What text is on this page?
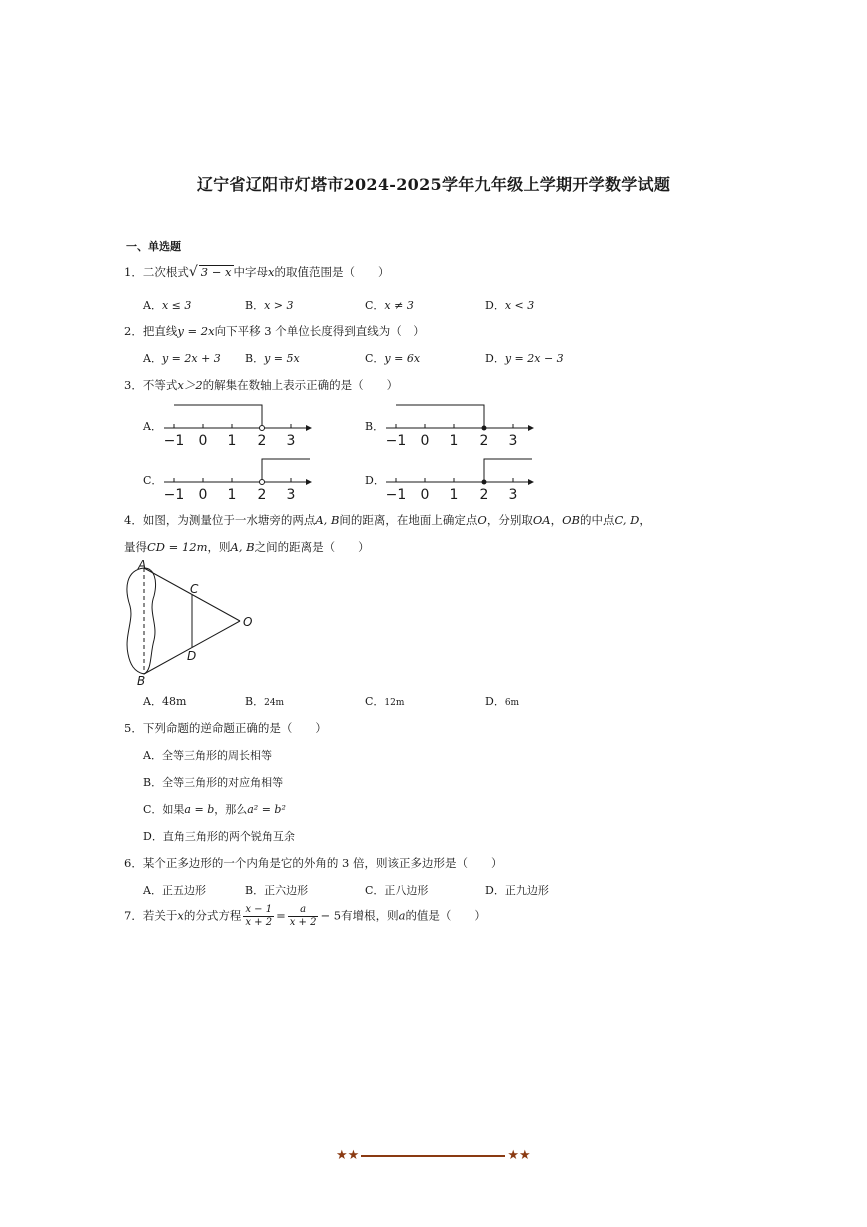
辽宁省辽阳市灯塔市2024-2025学年九年级上学期开学数学试题
一、单选题
1．二次根式√ 3 − x 中字母x的取值范围是（　　）
A．x ≤ 3	B．x > 3	C．x ≠ 3	D．x < 3
2．把直线y = 2x向下平移 3 个单位长度得到直线为（　）
A．y = 2x + 3 B．y = 5x	C．y = 6x	D．y = 2x − 3
3．不等式x＞2的解集在数轴上表示正确的是（　　）
A．
−1 0 1 2 3
B．
−1 0 1 2 3
C．
−1 0 1 2 3
D．
−1 0 1 2 3
4．如图，为测量位于一水塘旁的两点A, B间的距离，在地面上确定点O，分别取OA，OB的中点C, D，
量得CD = 12m，则A, B之间的距离是（　　）
A
B
C
D
O
A．48m	B．24m	C．12m	D．6m
5．下列命题的逆命题正确的是（　　）
A．全等三角形的周长相等
B．全等三角形的对应角相等
C．如果a = b，那么a² = b²
D．直角三角形的两个锐角互余
6．某个正多边形的一个内角是它的外角的 3 倍，则该正多边形是（　　）
A．正五边形	B．正六边形	C．正八边形	D．正九边形
7．若关于x的分式方程 $\frac{x - 1}{x + 2} = \frac{a}{x + 2} - 5$有增根，则a的值是（　　）
★★	★★
